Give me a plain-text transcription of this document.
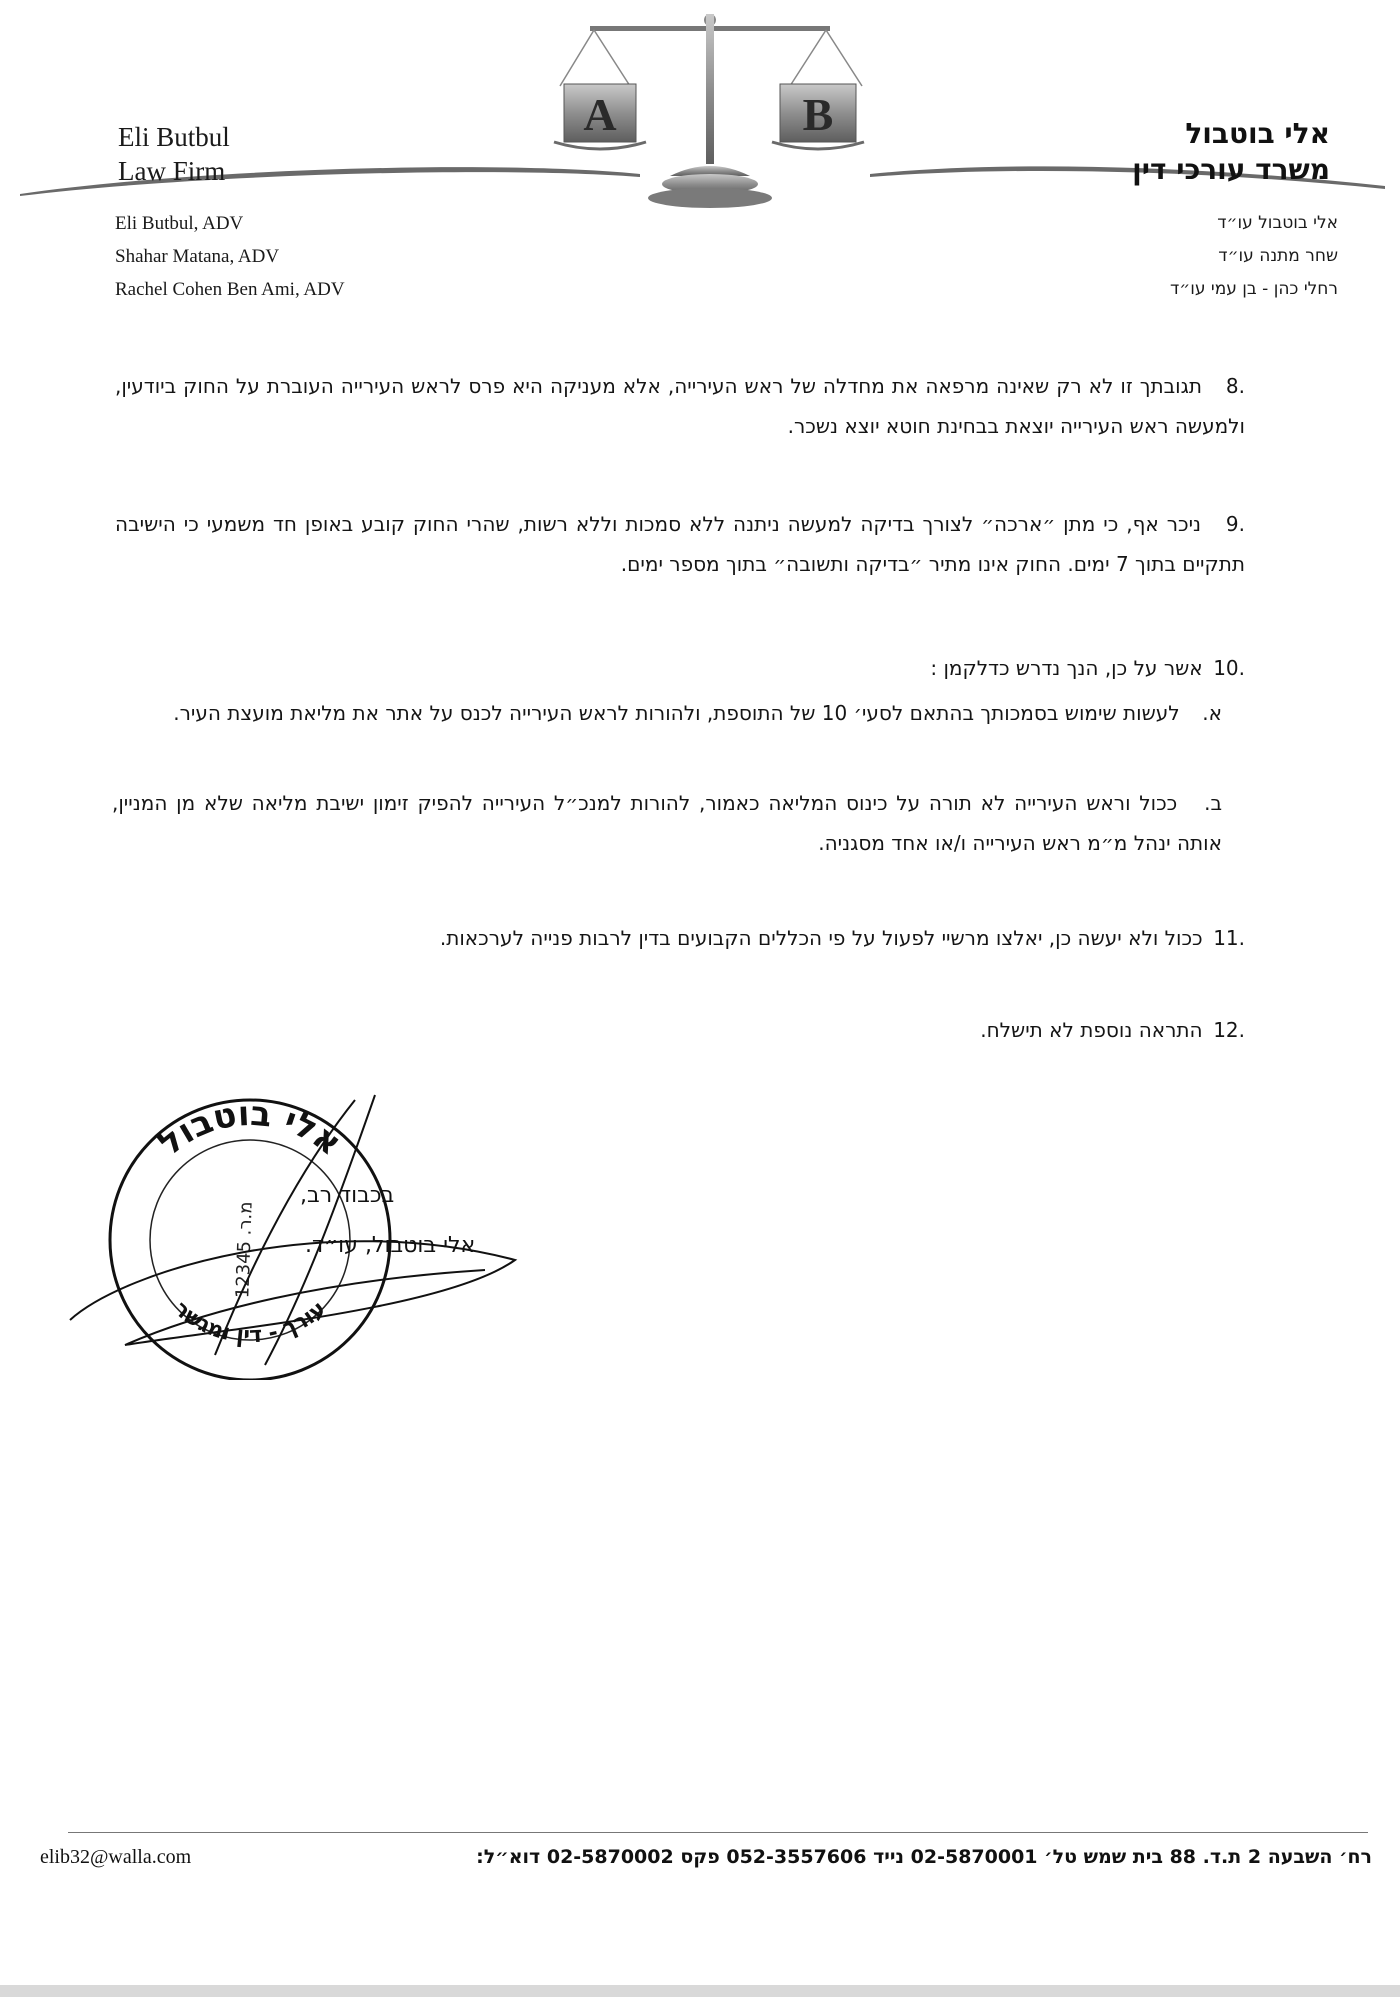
Eli Butbul
Law Firm
אלי בוטבול
משרד עורכי דין
A	B
Eli Butbul, ADV
Shahar Matana, ADV
Rachel Cohen Ben Ami, ADV
אלי בוטבול עו״ד
שחר מתנה עו״ד
רחלי כהן - בן עמי עו״ד
.8 תגובתך זו לא רק שאינה מרפאה את מחדלה של ראש העירייה, אלא מעניקה היא פרס לראש העירייה העוברת על החוק ביודעין, ולמעשה ראש העירייה יוצאת בבחינת חוטא יוצא נשכר.
.9 ניכר אף, כי מתן ״ארכה״ לצורך בדיקה למעשה ניתנה ללא סמכות וללא רשות, שהרי החוק קובע באופן חד משמעי כי הישיבה תתקיים בתוך 7 ימים. החוק אינו מתיר ״בדיקה ותשובה״ בתוך מספר ימים.
.10 אשר על כן, הנך נדרש כדלקמן :
א. לעשות שימוש בסמכותך בהתאם לסעי׳ 10 של התוספת, ולהורות לראש העירייה לכנס על אתר את מליאת מועצת העיר.
ב. ככול וראש העירייה לא תורה על כינוס המליאה כאמור, להורות למנכ״ל העירייה להפיק זימון ישיבת מליאה שלא מן המניין, אותה ינהל מ״מ ראש העירייה ו/או אחד מסגניה.
.11 ככול ולא יעשה כן, יאלצו מרשיי לפעול על פי הכללים הקבועים בדין לרבות פנייה לערכאות.
.12 התראה נוספת לא תישלח.
אלי בוטבול
עורך - דין ומגשר
מ.ר. 12345
בכבוד רב,
אלי בוטבול, עו״ד.
elib32@walla.com	רח׳ השבעה 2 ת.ד. 88 בית שמש טל׳ 02-5870001 נייד 052-3557606 פקס 02-5870002 דוא״ל:
